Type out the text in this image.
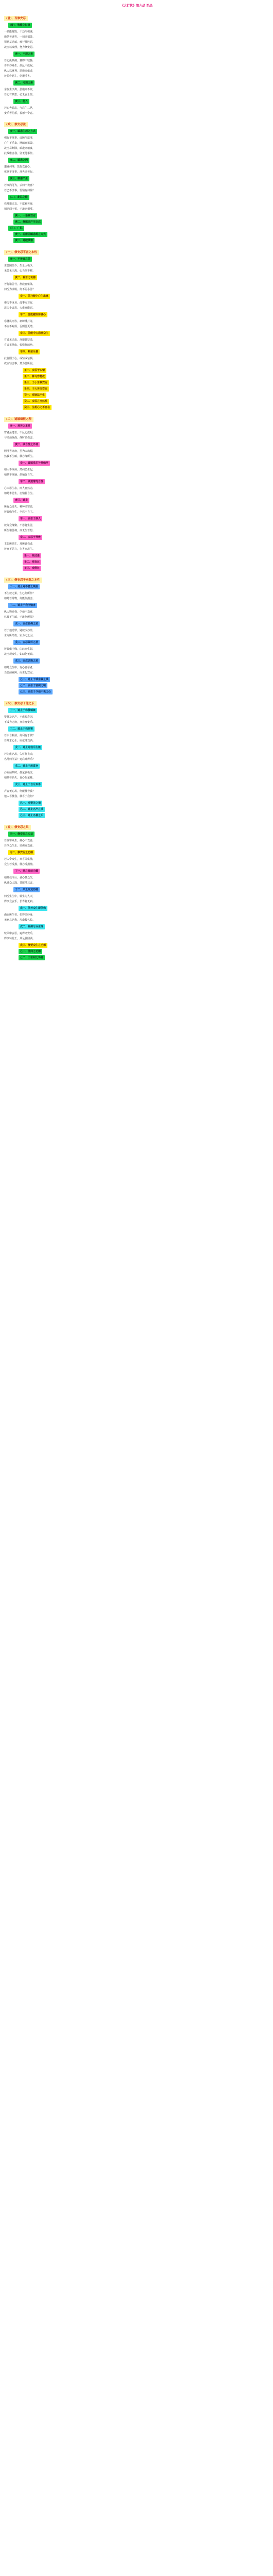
《大行伏》第六品 至品
(壹)、当修安忍
(壹)、敬修之过患

一瞋能摧毁，千劫所积聚，

施供善逝等，一切诸福善。

罪恶莫过瞋，难行莫胜忍，

故应以众理，努力修安忍。

庚一、不现之果

若心执瞋痛，意即不寂静，

喜乐亦难生，烦乱不成眠。

纵人以财利，恩施来依者，

彼若作恶主，仍遭受害。

庚二、可现之果

亲友生厌离，虽施亦不依，

若心有瞋恚，必无安乐住。

庚三、能入

若心舍瞋恚，今后生二世，

安乐者信乐，福德不令意。

(贰)、修安忍法
庚一、瞋恚生起之方式

强行不欲事，或障所欲事，

心生不乐食，增瞋自摧毁。

故当尽断除，瞋敌诸粮食，

此敌唯害我，别无他事作。

庚二、瞋恚之因

遭遇何事，莫扰欢喜心，

忧恼不济事，反失诸善行。

庚三、瞋恚产生

若事尚可为，云何不欢喜？

若已不济事，忧恼有何益？

(二)、此忍之能

我及诸亲友，不欲痛苦辱，

粗语闻不悦，于敌则相反。

庚一、一语修安忍
庚二、修瞋恚产生安忍
(三)、广说
庚一、忍耐因瞋恚起之方式
庚二、遮破嗔害
(一)、修安忍不害之本性
庚一、不善者之苦

生苦因非少，生乐因极少，

无苦无出离，心当坚不移。

庚二、观苦之功德

苦行诸苦行，割截自躯体，

何况为求脱，何不忍小苦？

辛一、苦乃能令心生出离

串习不成易，此事定非有，

故习小害故，大难亦能忍。

辛二、苦能摧毁骄慢心

寒暑风雨等，病缚捶打等，

不应不耐烦，否则苦更增。

辛三、苦能令心悲悯众生

有者见己血，反增其坚勇，

有者见他血，惊慌复闷绝。

辛四、断恶乐善

此皆因于心，或坚或怯懦，

故应轻害事，莫为苦所侵。

壬一、安忍于实情
壬二、修习容易故
壬三、于小苦修安忍
壬四、于大苦当安忍
癸一、观诸法不生
癸二、安忍之当然性
癸三、生起心之不自在
(二)、遮破嗔恨之理
庚一、观苦之本性

智者虽遭苦，不乱心澄明，

与诸烦恼战，战时多伤害。

庚二、破自性之外境

胆汁等诸病，虽为大痛源，

然我不生瞋，彼亦缘所生。

辛一、破遮常的补特伽罗

如人不欲病，然病仍生起，

如是不欲恼，烦恼强自生。

辛二、破遮常的自性

心未思生恚，而人自然恚，

如是未思生，恚恼犹自生。

庚三、遮止

所有众过失，种种诸罪恶，

彼皆缘所生，全然不自主。

辛一、安忍于敌人

彼等众缘聚，不思将生苦，

所生诸苦痛，亦无生苦想。

辛二、安忍于导致

主张所谓主，及所计我者，

彼亦不思言，为害而故生。

壬一、观过患
壬二、观自过
壬三、观他过
(三)、修安忍于众敌之本性
丁一、遮止对不喜之嗔恚

不生彼无果，生已何所作？

如是若常物，何能作损害。

丁二、遮止于我所恼害

纵人毁谤我，令他不欢喜，

然我不生瞋，于汝何所损？

戊一、安忍轻侮之恶

若于他造罪，疑彼汝亦非，

世间所谓伤，实为无之因。

戊二、安忍毁坏之恶

彼皆依于缘，由此而生起，

故当观众生，如幻化无瞋。

戊三、安忍讥毁之恶

如是众生中，有心喜恶者，

当思前业障，而生起安忍。

己一、遮止于嗔亲属之嗔
己二、安忍于轻视之嗔
己三、安忍于令他不悦之心
(四)、修安忍于他之乐
丁一、遮止于称赞嗔嫉

赞誉及名声，不成福寿因，

不成力无病，亦非身安乐。

丁二、遮止于我损害

若识自利益，何利有于彼？

若唯求心乐，应依博戏酒。

戊一、遮止对他乐生嫉

若为虚名故，失财复丧命，

名号何所益？死后谁得乐？

戊二、遮止于敌喜欢

沙屋倾颓时，愚童哀极泣，

如是誉名失，自心似童稚。

戊三、遮止于自乐欢喜

声音无心故，何能赞誉我？

他人喜赞我，彼喜于我何？

己一、观赞美之损
己二、遮止名声之嗔
己三、遮止名誉之乐
(五)、修安忍之果
丙一、修安忍之实益

若恼害众生，佛心不欢喜，

若令众生乐，诸佛亦欢喜。

丙二、修安忍之功德

若人令众生，欢喜即供佛，

众生若受损，佛亦受损恼。

丁一、果之现前功德

如是我今后，诚心敬众生，

纵遭众人践，甘愿受其害。

丁二、果之究竟功德

何况生生中，转生为人天，

得享众安乐，长寿复无病。

戊一、供养众生即供佛

由忍所生者，恒得美妙身，

无病具名称，寿命极久长。

戊二、观佛与众生等

轮回中安忍，遍得诸安乐，

得享转轮王，具足胜圆满。

戊三、摄受众生之功德
己一、世间之功德
己二、出世间之功德
